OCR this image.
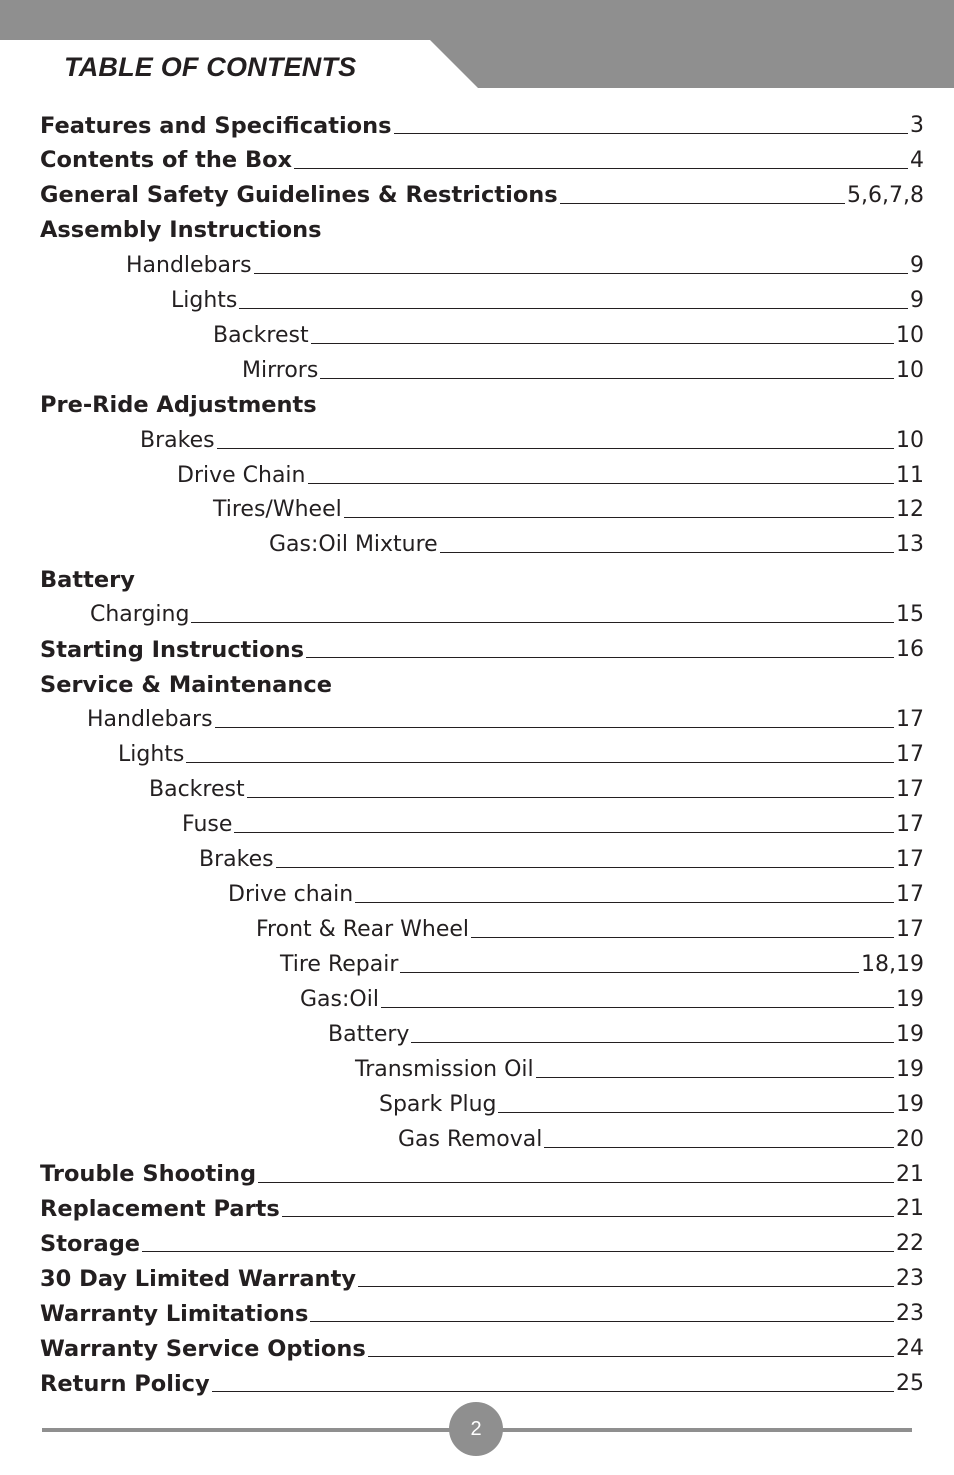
TABLE OF CONTENTS
Features and Specifications	3
Contents of the Box	4
General Safety Guidelines & Restrictions	5,6,7,8
Assembly Instructions
Handlebars	9
Lights	9
Backrest	10
Mirrors	10
Pre-Ride Adjustments
Brakes	10
Drive Chain	11
Tires/Wheel	12
Gas:Oil Mixture	13
Battery
Charging	15
Starting Instructions	16
Service & Maintenance
Handlebars	17
Lights	17
Backrest	17
Fuse	17
Brakes	17
Drive chain	17
Front & Rear Wheel	17
Tire Repair	18,19
Gas:Oil	19
Battery	19
Transmission Oil	19
Spark Plug	19
Gas Removal	20
Trouble Shooting	21
Replacement Parts	21
Storage	22
30 Day Limited Warranty	23
Warranty Limitations	23
Warranty Service Options	24
Return Policy	25
2
